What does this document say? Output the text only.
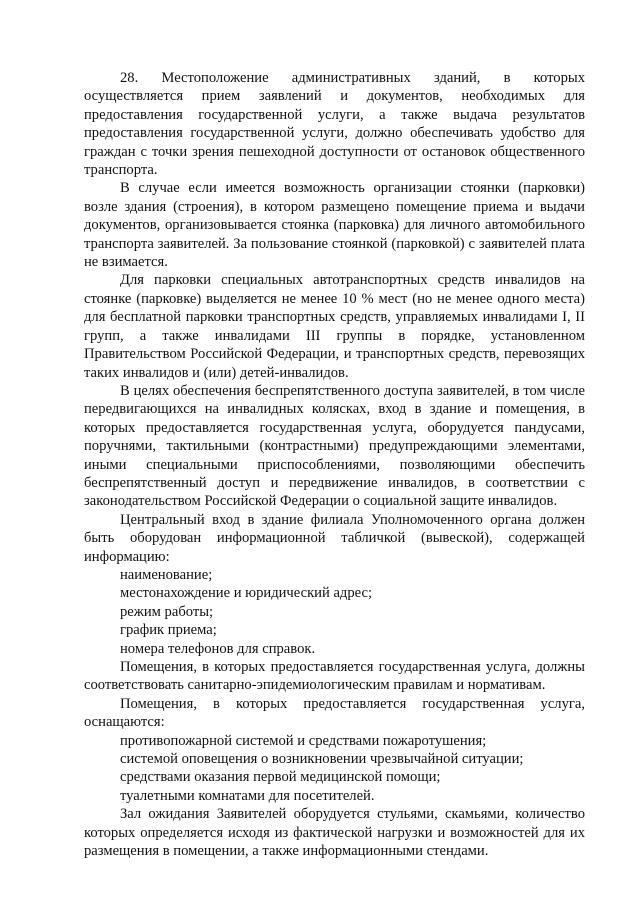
28. Местоположение административных зданий, в которых осуществляется прием заявлений и документов, необходимых для предоставления государственной услуги, а также выдача результатов предоставления государственной услуги, должно обеспечивать удобство для граждан с точки зрения пешеходной доступности от остановок общественного транспорта.

В случае если имеется возможность организации стоянки (парковки) возле здания (строения), в котором размещено помещение приема и выдачи документов, организовывается стоянка (парковка) для личного автомобильного транспорта заявителей. За пользование стоянкой (парковкой) с заявителей плата не взимается.

Для парковки специальных автотранспортных средств инвалидов на стоянке (парковке) выделяется не менее 10 % мест (но не менее одного места) для бесплатной парковки транспортных средств, управляемых инвалидами I, II групп, а также инвалидами III группы в порядке, установленном Правительством Российской Федерации, и транспортных средств, перевозящих таких инвалидов и (или) детей-инвалидов.

В целях обеспечения беспрепятственного доступа заявителей, в том числе передвигающихся на инвалидных колясках, вход в здание и помещения, в которых предоставляется государственная услуга, оборудуется пандусами, поручнями, тактильными (контрастными) предупреждающими элементами, иными специальными приспособлениями, позволяющими обеспечить беспрепятственный доступ и передвижение инвалидов, в соответствии с законодательством Российской Федерации о социальной защите инвалидов.

Центральный вход в здание филиала Уполномоченного органа должен быть оборудован информационной табличкой (вывеской), содержащей информацию:

наименование;

местонахождение и юридический адрес;

режим работы;

график приема;

номера телефонов для справок.

Помещения, в которых предоставляется государственная услуга, должны соответствовать санитарно-эпидемиологическим правилам и нормативам.

Помещения, в которых предоставляется государственная услуга, оснащаются:

противопожарной системой и средствами пожаротушения;

системой оповещения о возникновении чрезвычайной ситуации;

средствами оказания первой медицинской помощи;

туалетными комнатами для посетителей.

Зал ожидания Заявителей оборудуется стульями, скамьями, количество которых определяется исходя из фактической нагрузки и возможностей для их размещения в помещении, а также информационными стендами.
